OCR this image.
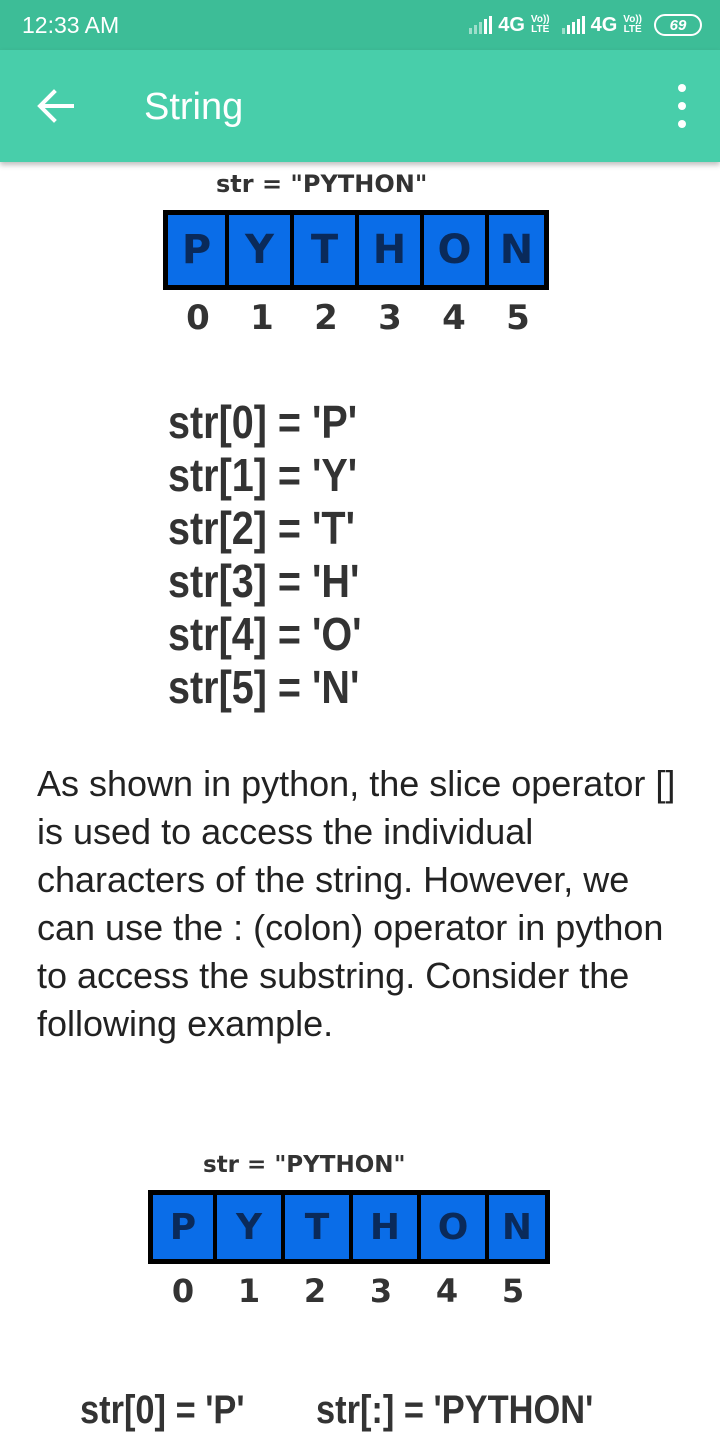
12:33 AM	4G Vo))
LTE 4G Vo))
LTE 69
String
str = "PYTHON"
P Y T H O N
0	1	2	3	4	5
str[0] = 'P'
str[1] = 'Y'
str[2] = 'T'
str[3] = 'H'
str[4] = 'O'
str[5] = 'N'

As shown in python, the slice operator [] is used to access the individual characters of the string. However, we can use the : (colon) operator in python to access the substring. Consider the following example.

str = "PYTHON"
P	Y	T	H	O N
0	1	2	3	4	5
str[0] = 'P' str[:] = 'PYTHON'
